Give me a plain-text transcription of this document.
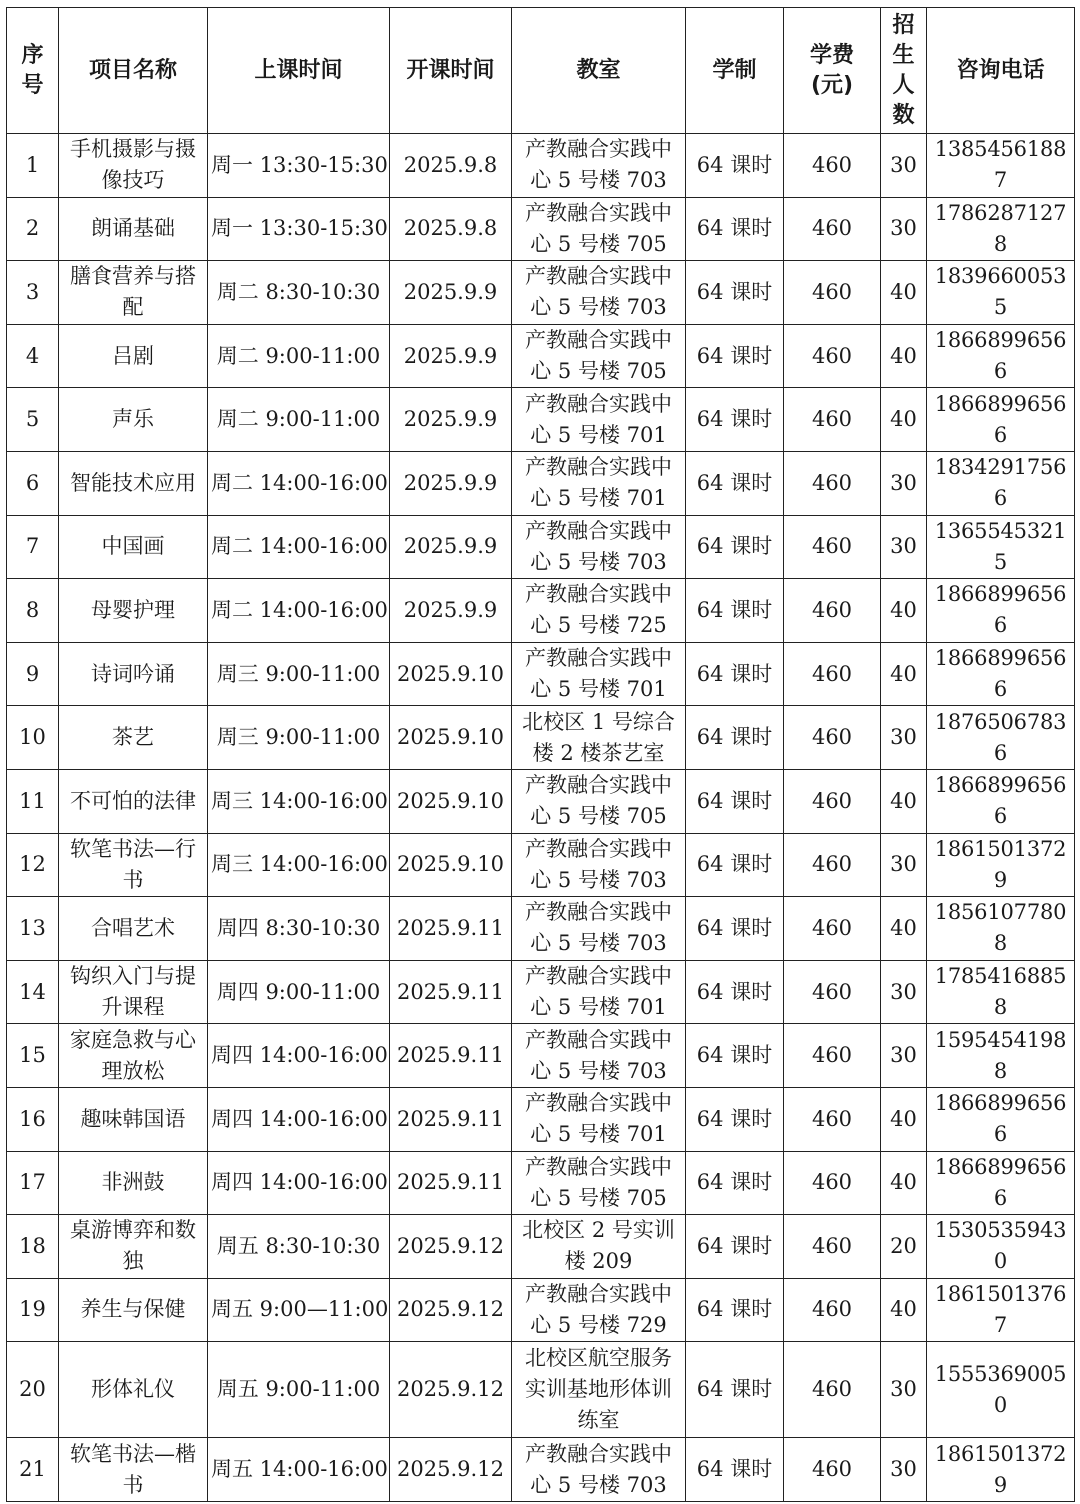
序号	项目名称	上课时间	开课时间	教室	学制	学费(元)	招生人数	咨询电话
1	手机摄影与摄像技巧	周一 13:30-15:30	2025.9.8	产教融合实践中心 5 号楼 703	64 课时	460	30	13854561887
2	朗诵基础	周一 13:30-15:30	2025.9.8	产教融合实践中心 5 号楼 705	64 课时	460	30	17862871278
3	膳食营养与搭配	周二 8:30-10:30	2025.9.9	产教融合实践中心 5 号楼 703	64 课时	460	40	18396600535
4	吕剧	周二 9:00-11:00	2025.9.9	产教融合实践中心 5 号楼 705	64 课时	460	40	18668996566
5	声乐	周二 9:00-11:00	2025.9.9	产教融合实践中心 5 号楼 701	64 课时	460	40	18668996566
6	智能技术应用	周二 14:00-16:00	2025.9.9	产教融合实践中心 5 号楼 701	64 课时	460	30	18342917566
7	中国画	周二 14:00-16:00	2025.9.9	产教融合实践中心 5 号楼 703	64 课时	460	30	13655453215
8	母婴护理	周二 14:00-16:00	2025.9.9	产教融合实践中心 5 号楼 725	64 课时	460	40	18668996566
9	诗词吟诵	周三 9:00-11:00	2025.9.10	产教融合实践中心 5 号楼 701	64 课时	460	40	18668996566
10	茶艺	周三 9:00-11:00	2025.9.10	北校区 1 号综合楼 2 楼茶艺室	64 课时	460	30	18765067836
11	不可怕的法律	周三 14:00-16:00	2025.9.10	产教融合实践中心 5 号楼 705	64 课时	460	40	18668996566
12	软笔书法—行书	周三 14:00-16:00	2025.9.10	产教融合实践中心 5 号楼 703	64 课时	460	30	18615013729
13	合唱艺术	周四 8:30-10:30	2025.9.11	产教融合实践中心 5 号楼 703	64 课时	460	40	18561077808
14	钩织入门与提升课程	周四 9:00-11:00	2025.9.11	产教融合实践中心 5 号楼 701	64 课时	460	30	17854168858
15	家庭急救与心理放松	周四 14:00-16:00	2025.9.11	产教融合实践中心 5 号楼 703	64 课时	460	30	15954541988
16	趣味韩国语	周四 14:00-16:00	2025.9.11	产教融合实践中心 5 号楼 701	64 课时	460	40	18668996566
17	非洲鼓	周四 14:00-16:00	2025.9.11	产教融合实践中心 5 号楼 705	64 课时	460	40	18668996566
18	桌游博弈和数独	周五 8:30-10:30	2025.9.12	北校区 2 号实训楼 209	64 课时	460	20	15305359430
19	养生与保健	周五 9:00—11:00	2025.9.12	产教融合实践中心 5 号楼 729	64 课时	460	40	18615013767
20	形体礼仪	周五 9:00-11:00	2025.9.12	北校区航空服务实训基地形体训练室	64 课时	460	30	15553690050
21	软笔书法—楷书	周五 14:00-16:00	2025.9.12	产教融合实践中心 5 号楼 703	64 课时	460	30	18615013729
